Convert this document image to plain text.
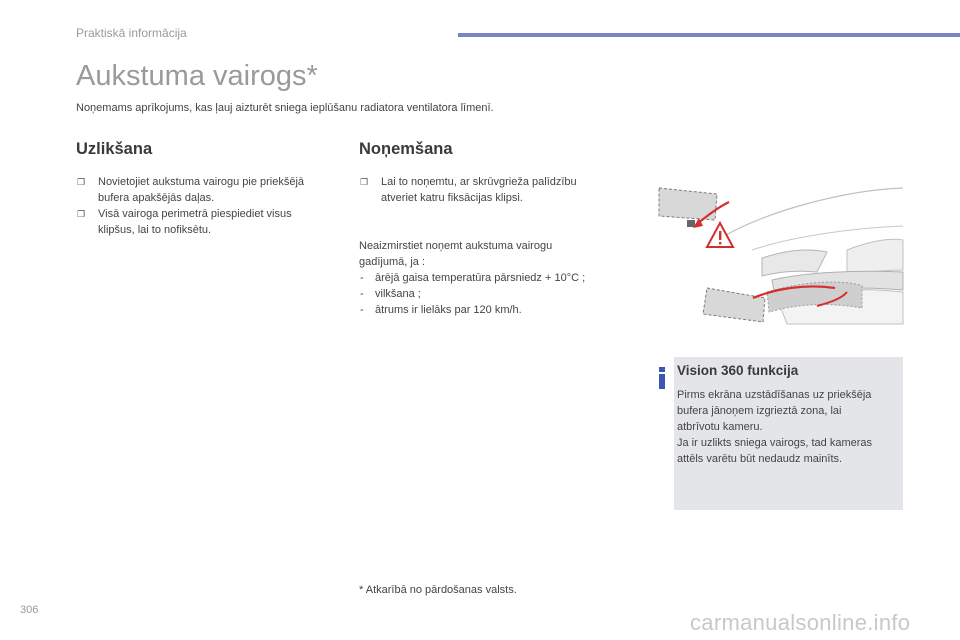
Praktiskā informācija
Aukstuma vairogs*
Noņemams aprīkojums, kas ļauj aizturēt sniega ieplūšanu radiatora ventilatora līmenī.
Uzlikšana
❒ Novietojiet aukstuma vairogu pie priekšējā bufera apakšējās daļas.
❒ Visā vairoga perimetrā piespiediet visus klipšus, lai to nofiksētu.
Noņemšana
❒ Lai to noņemtu, ar skrūvgrieža palīdzību atveriet katru fiksācijas klipsi.
Neaizmirstiet noņemt aukstuma vairogu
gadījumā, ja :
- ārējā gaisa temperatūra pārsniedz + 10°C ;
- vilkšana ;
- ātrums ir lielāks par 120 km/h.
Vision 360 funkcija
Pirms ekrāna uzstādīšanas uz priekšēja
bufera jānoņem izgrieztā zona, lai
atbrīvotu kameru.
Ja ir uzlikts sniega vairogs, tad kameras
attēls varētu būt nedaudz mainīts.
* Atkarībā no pārdošanas valsts.
306	carmanualsonline.info
